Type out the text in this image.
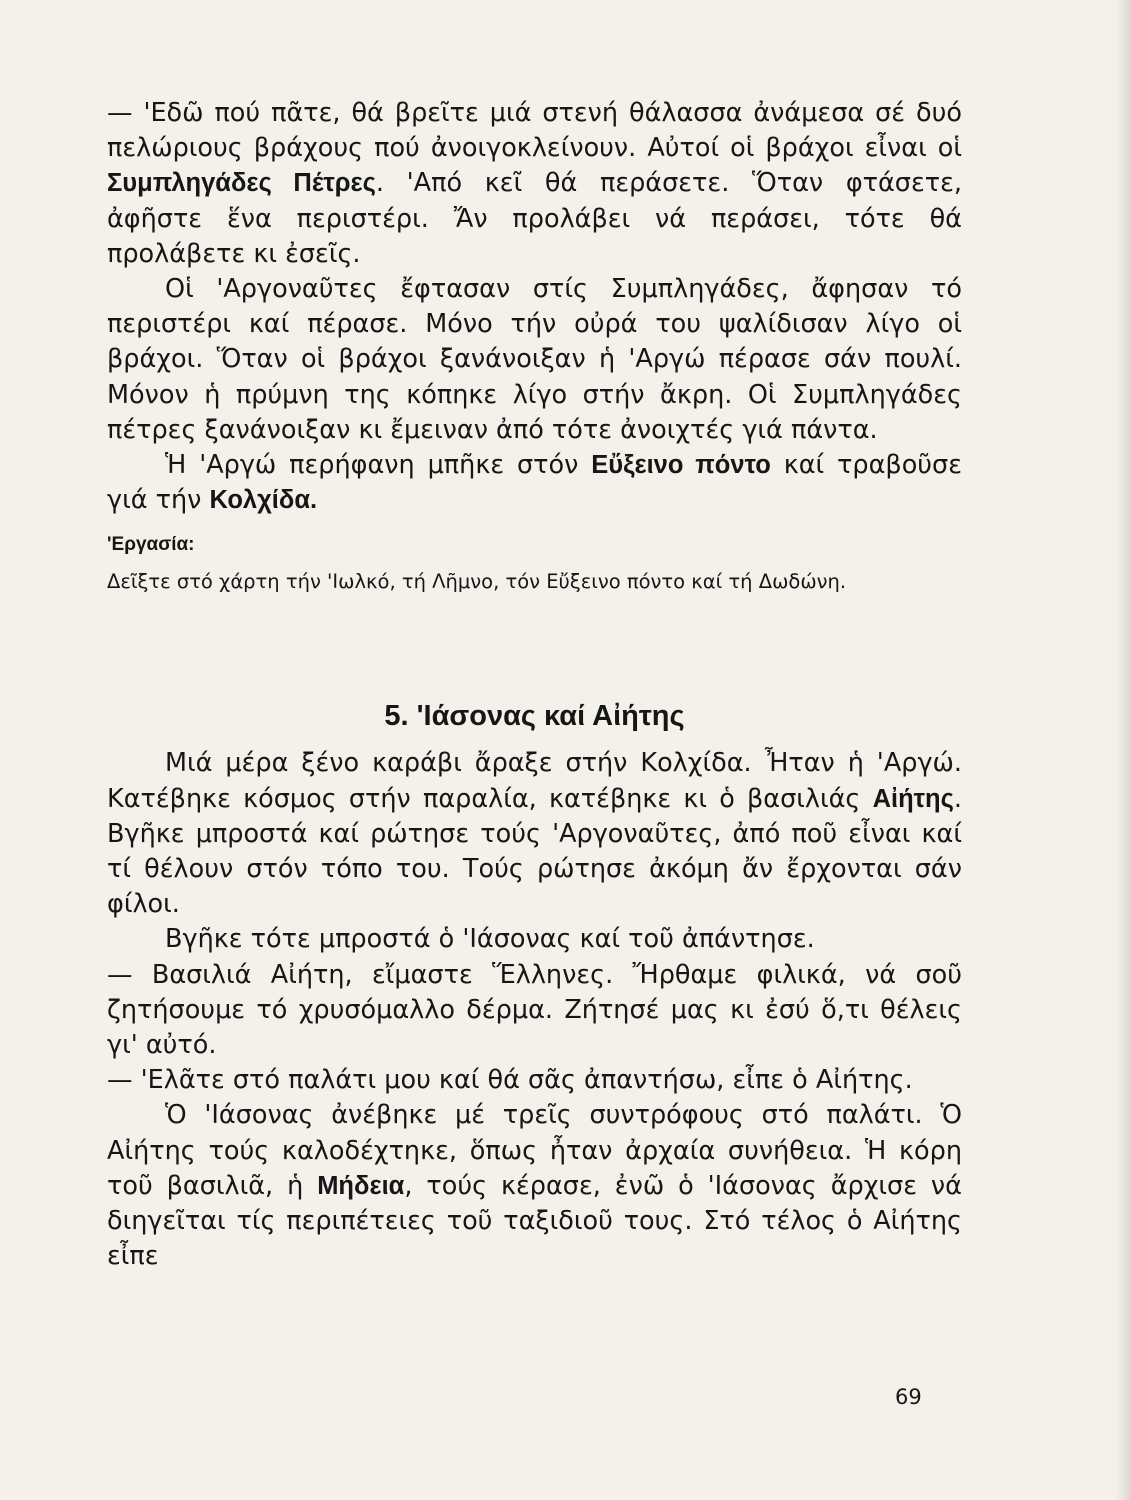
— 'Εδῶ πού πᾶτε, θά βρεῖτε μιά στενή θάλασσα ἀνάμεσα σέ δυό πελώριους βράχους πού ἀνοιγοκλείνουν. Αὐτοί οἱ βράχοι εἶναι οἱ Συμπληγάδες Πέτρες. 'Από κεῖ θά περάσετε. Ὅταν φτάσετε, ἀφῆστε ἕνα περιστέρι. Ἄν προλάβει νά περάσει, τότε θά προλάβετε κι ἐσεῖς.

Οἱ 'Αργοναῦτες ἔφτασαν στίς Συμπληγάδες, ἄφησαν τό περιστέρι καί πέρασε. Μόνο τήν οὐρά του ψαλίδισαν λίγο οἱ βράχοι. Ὅταν οἱ βράχοι ξανάνοιξαν ἡ 'Αργώ πέρασε σάν πουλί. Μόνον ἡ πρύμνη της κόπηκε λίγο στήν ἄκρη. Οἱ Συμπληγάδες πέτρες ξανάνοιξαν κι ἔμειναν ἀπό τότε ἀνοιχτές γιά πάντα.

Ἡ 'Αργώ περήφανη μπῆκε στόν Εὔξεινο πόντο καί τραβοῦσε γιά τήν Κολχίδα.

'Εργασία:

Δεῖξτε στό χάρτη τήν 'Ιωλκό, τή Λῆμνο, τόν Εὔξεινο πόντο καί τή Δωδώνη.

5. 'Ιάσονας καί Αἰήτης

Μιά μέρα ξένο καράβι ἄραξε στήν Κολχίδα. Ἦταν ἡ 'Αργώ. Κατέβηκε κόσμος στήν παραλία, κατέβηκε κι ὁ βασιλιάς Αἰήτης. Βγῆκε μπροστά καί ρώτησε τούς 'Αργοναῦτες, ἀπό ποῦ εἶναι καί τί θέλουν στόν τόπο του. Τούς ρώτησε ἀκόμη ἄν ἔρχονται σάν φίλοι.

Βγῆκε τότε μπροστά ὁ 'Ιάσονας καί τοῦ ἀπάντησε.

— Βασιλιά Αἰήτη, εἴμαστε Ἕλληνες. Ἤρθαμε φιλικά, νά σοῦ ζητήσουμε τό χρυσόμαλλο δέρμα. Ζήτησέ μας κι ἐσύ ὅ,τι θέλεις γι' αὐτό.

— 'Ελᾶτε στό παλάτι μου καί θά σᾶς ἀπαντήσω, εἶπε ὁ Αἰήτης.

Ὁ 'Ιάσονας ἀνέβηκε μέ τρεῖς συντρόφους στό παλάτι. Ὁ Αἰήτης τούς καλοδέχτηκε, ὅπως ἦταν ἀρχαία συνήθεια. Ἡ κόρη τοῦ βασιλιᾶ, ἡ Μήδεια, τούς κέρασε, ἐνῶ ὁ 'Ιάσονας ἄρχισε νά διηγεῖται τίς περιπέτειες τοῦ ταξιδιοῦ τους. Στό τέλος ὁ Αἰήτης εἶπε

69
